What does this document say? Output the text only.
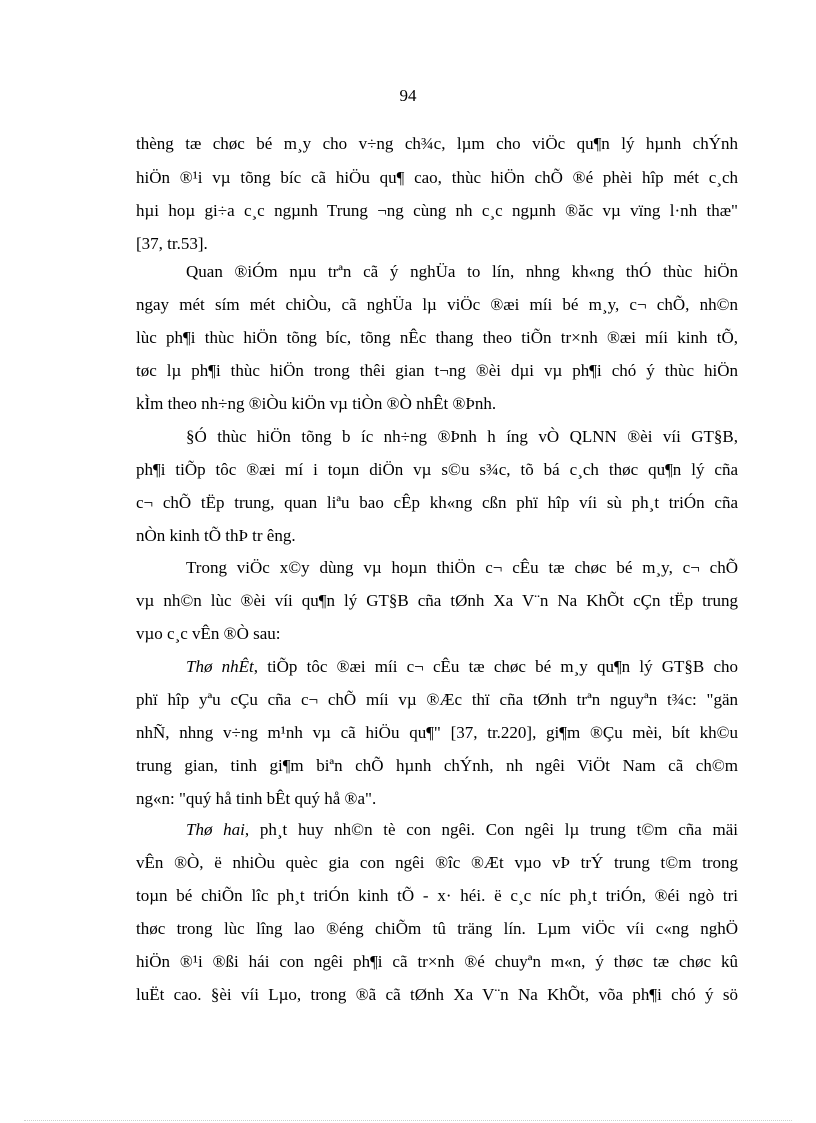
94
thèng tæ chøc bé m¸y cho v÷ng ch¾c, lµm cho viÖc qu¶n lý hµnh chÝnh
hiÖn ®¹i vµ tõng bíc cã hiÖu qu¶ cao, thùc hiÖn chÕ ®é phèi hîp mét c¸ch
hµi hoµ gi÷a c¸c ngµnh Trung ¬ng cùng nh c¸c ngµnh ®ăc vµ vïng l·nh thæ"
[37, tr.53].
Quan ®iÓm nµu trªn cã ý nghÜa to lín, nhng kh«ng thÓ thùc hiÖn
ngay mét sím mét chiÒu, cã nghÜa lµ viÖc ®æi míi bé m¸y, c¬ chÕ, nh©n
lùc ph¶i thùc hiÖn tõng bíc, tõng nÊc thang theo tiÕn tr×nh ®æi míi kinh tÕ,
tøc lµ ph¶i thùc hiÖn trong thêi gian t¬ng ®èi dµi vµ ph¶i chó ý thùc hiÖn
kÌm theo nh÷ng ®iÒu kiÖn vµ tiÒn ®Ò nhÊt ®Þnh.
§Ó thùc hiÖn tõng b íc nh÷ng ®Þnh h íng vÒ QLNN ®èi víi GT§B,
ph¶i tiÕp tôc ®æi mí i toµn diÖn vµ s©u s¾c, tõ bá c¸ch thøc qu¶n lý cña
c¬ chÕ tËp trung, quan liªu bao cÊp kh«ng cßn phï hîp víi sù ph¸t triÓn cña
nÒn kinh tÕ thÞ tr êng.
Trong viÖc x©y dùng vµ hoµn thiÖn c¬ cÊu tæ chøc bé m¸y, c¬ chÕ
vµ nh©n lùc ®èi víi qu¶n lý GT§B cña tØnh Xa V¨n Na KhÕt cÇn tËp trung
vµo c¸c vÊn ®Ò sau:
Thø nhÊt, tiÕp tôc ®æi míi c¬ cÊu tæ chøc bé m¸y qu¶n lý GT§B cho
phï hîp yªu cÇu cña c¬ chÕ míi vµ ®Æc thï cña tØnh trªn nguyªn t¾c: "gän
nhÑ, nhng v÷ng m¹nh vµ cã hiÖu qu¶" [37, tr.220], gi¶m ®Çu mèi, bít kh©u
trung gian, tinh gi¶m biªn chÕ hµnh chÝnh, nh ngêi ViÖt Nam cã ch©m
ng«n: "quý hå tinh bÊt quý hå ®a".
Thø hai, ph¸t huy nh©n tè con ngêi. Con ngêi lµ trung t©m cña mäi
vÊn ®Ò, ë nhiÒu quèc gia con ngêi ®îc ®Æt vµo vÞ trÝ trung t©m trong
toµn bé chiÕn lîc ph¸t triÓn kinh tÕ - x· héi. ë c¸c níc ph¸t triÓn, ®éi ngò tri
thøc trong lùc lîng lao ®éng chiÕm tû träng lín. Lµm viÖc víi c«ng nghÖ
hiÖn ®¹i ®ßi hái con ngêi ph¶i cã tr×nh ®é chuyªn m«n, ý thøc tæ chøc kû
luËt cao. §èi víi Lµo, trong ®ã cã tØnh Xa V¨n Na KhÕt, võa ph¶i chó ý sö
